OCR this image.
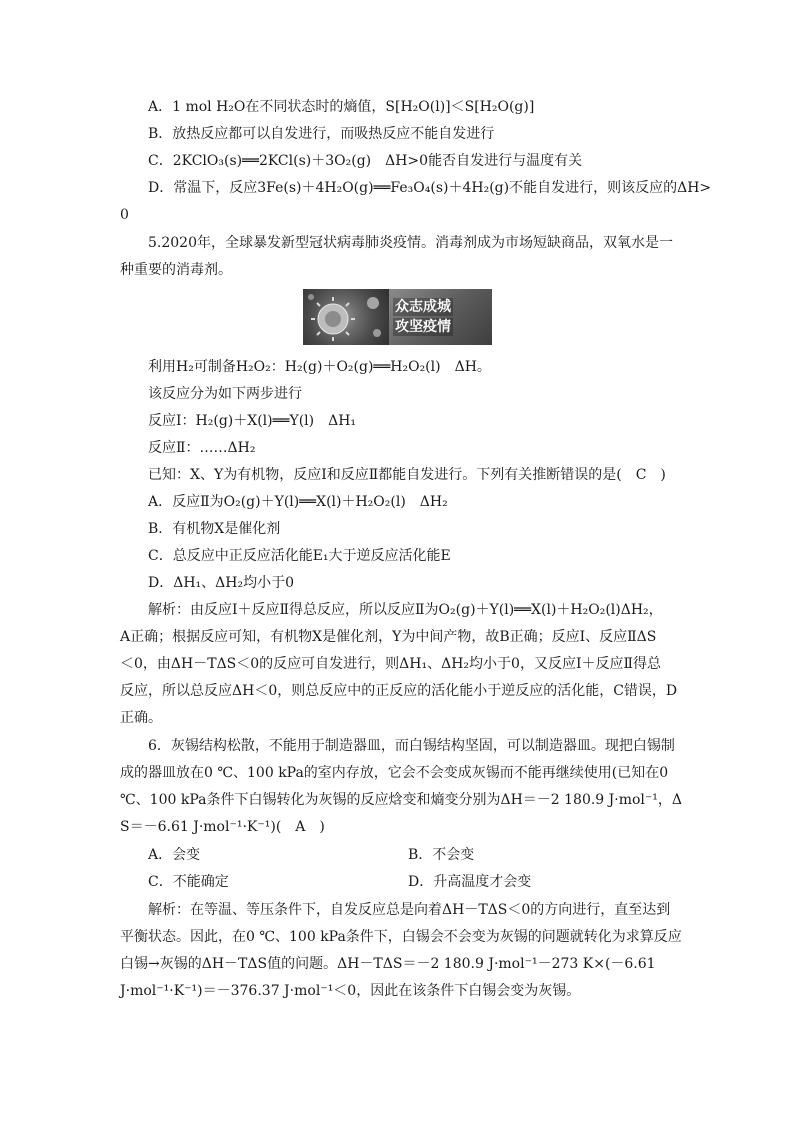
A．1 mol H₂O在不同状态时的熵值，S[H₂O(l)]＜S[H₂O(g)]
B．放热反应都可以自发进行，而吸热反应不能自发进行
C．2KClO₃(s)══2KCl(s)＋3O₂(g)　ΔH>0能否自发进行与温度有关
D．常温下，反应3Fe(s)＋4H₂O(g)══Fe₃O₄(s)＋4H₂(g)不能自发进行，则该反应的ΔH>
0
5.2020年，全球暴发新型冠状病毒肺炎疫情。消毒剂成为市场短缺商品，双氧水是一
种重要的消毒剂。
众志成城
攻坚疫情
利用H₂可制备H₂O₂：H₂(g)＋O₂(g)══H₂O₂(l)　ΔH。
该反应分为如下两步进行
反应Ⅰ：H₂(g)＋X(l)══Y(l)　ΔH₁
反应Ⅱ：……ΔH₂
已知：X、Y为有机物，反应Ⅰ和反应Ⅱ都能自发进行。下列有关推断错误的是(　C　)
A．反应Ⅱ为O₂(g)＋Y(l)══X(l)＋H₂O₂(l)　ΔH₂
B．有机物X是催化剂
C．总反应中正反应活化能E₁大于逆反应活化能E
D．ΔH₁、ΔH₂均小于0
解析：由反应Ⅰ＋反应Ⅱ得总反应，所以反应Ⅱ为O₂(g)＋Y(l)══X(l)＋H₂O₂(l)ΔH₂，
A正确；根据反应可知，有机物X是催化剂，Y为中间产物，故B正确；反应Ⅰ、反应ⅡΔS
＜0，由ΔH－TΔS＜0的反应可自发进行，则ΔH₁、ΔH₂均小于0，又反应Ⅰ＋反应Ⅱ得总
反应，所以总反应ΔH＜0，则总反应中的正反应的活化能小于逆反应的活化能，C错误，D
正确。
6．灰锡结构松散，不能用于制造器皿，而白锡结构坚固，可以制造器皿。现把白锡制
成的器皿放在0 ℃、100 kPa的室内存放，它会不会变成灰锡而不能再继续使用(已知在0
℃、100 kPa条件下白锡转化为灰锡的反应焓变和熵变分别为ΔH＝－2 180.9 J·mol⁻¹，Δ
S＝－6.61 J·mol⁻¹·K⁻¹)(　A　)
A．会变	B．不会变
C．不能确定	D．升高温度才会变
解析：在等温、等压条件下，自发反应总是向着ΔH－TΔS＜0的方向进行，直至达到
平衡状态。因此，在0 ℃、100 kPa条件下，白锡会不会变为灰锡的问题就转化为求算反应
白锡→灰锡的ΔH－TΔS值的问题。ΔH－TΔS＝－2 180.9 J·mol⁻¹－273 K×(－6.61
J·mol⁻¹·K⁻¹)＝－376.37 J·mol⁻¹＜0，因此在该条件下白锡会变为灰锡。
